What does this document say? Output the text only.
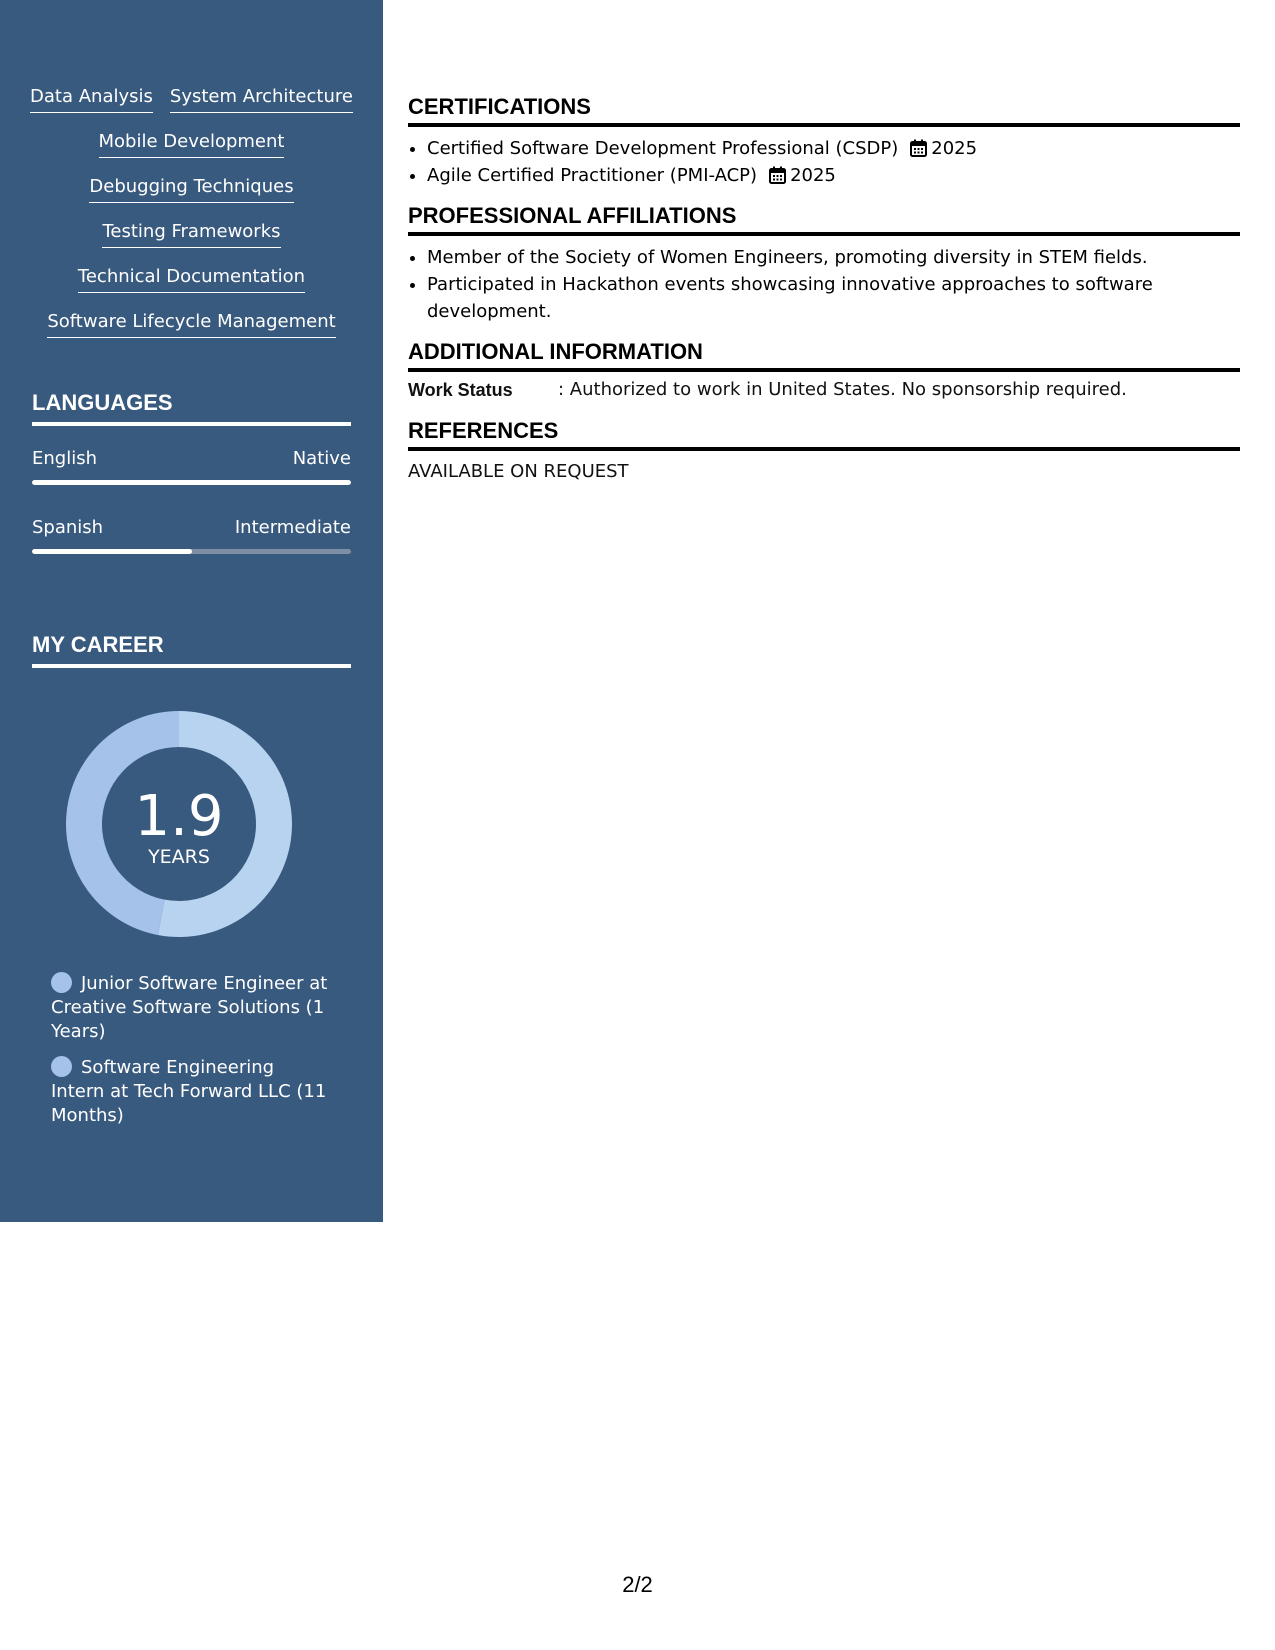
Data Analysis System Architecture
Mobile Development
Debugging Techniques
Testing Frameworks
Technical Documentation
Software Lifecycle Management
LANGUAGES
English	Native
Spanish	Intermediate
MY CAREER
1.9
YEARS
Junior Software Engineer at Creative Software Solutions (1 Years)
Software Engineering Intern at Tech Forward LLC (11 Months)
CERTIFICATIONS
• Certified Software Development Professional (CSDP) 2025
• Agile Certified Practitioner (PMI-ACP) 2025
PROFESSIONAL AFFILIATIONS
• Member of the Society of Women Engineers, promoting diversity in STEM fields.
• Participated in Hackathon events showcasing innovative approaches to software development.
ADDITIONAL INFORMATION
Work Status	: Authorized to work in United States. No sponsorship required.
REFERENCES
AVAILABLE ON REQUEST
2/2
